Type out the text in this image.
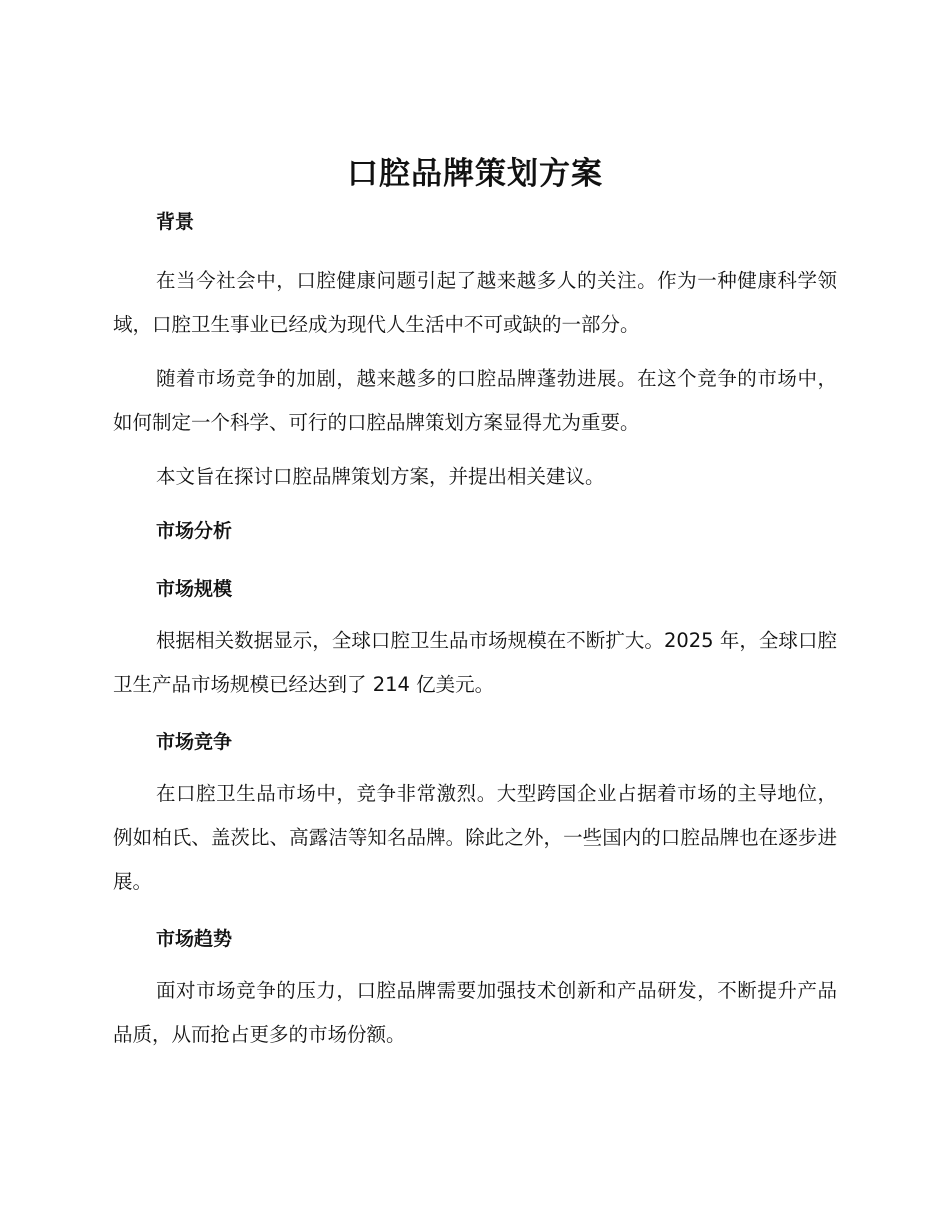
口腔品牌策划方案
背景

在当今社会中，口腔健康问题引起了越来越多人的关注。作为一种健康科学领域，口腔卫生事业已经成为现代人生活中不可或缺的一部分。

随着市场竞争的加剧，越来越多的口腔品牌蓬勃进展。在这个竞争的市场中，如何制定一个科学、可行的口腔品牌策划方案显得尤为重要。

本文旨在探讨口腔品牌策划方案，并提出相关建议。

市场分析
市场规模

根据相关数据显示，全球口腔卫生品市场规模在不断扩大。2025 年，全球口腔卫生产品市场规模已经达到了 214 亿美元。

市场竞争

在口腔卫生品市场中，竞争非常激烈。大型跨国企业占据着市场的主导地位，例如柏氏、盖茨比、高露洁等知名品牌。除此之外，一些国内的口腔品牌也在逐步进展。

市场趋势

面对市场竞争的压力，口腔品牌需要加强技术创新和产品研发，不断提升产品品质，从而抢占更多的市场份额。
